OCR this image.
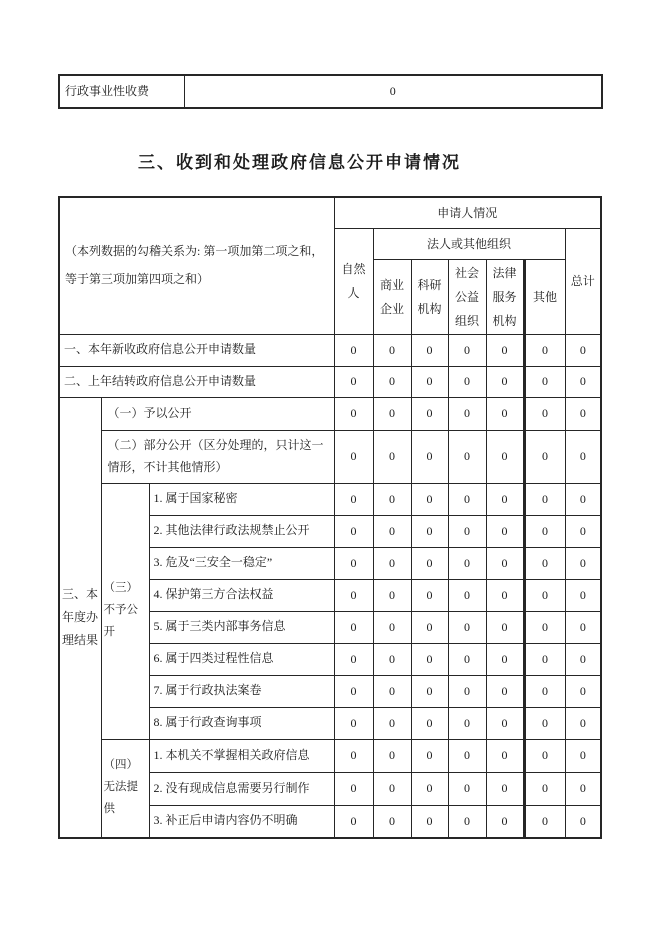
行政事业性收费	0
三、收到和处理政府信息公开申请情况
（本列数据的勾稽关系为: 第一项加第二项之和，等于第三项加第四项之和）			申请人情况						
			自然人	法人或其他组织					总计
				商业企业	科研机构	社会公益组织	法律服务机构	其他	
一、本年新收政府信息公开申请数量			0	0	0	0	0	0	0
二、上年结转政府信息公开申请数量			0	0	0	0	0	0	0
三、本年度办理结果	（一）予以公开		0	0	0	0	0	0	0
	（二）部分公开（区分处理的，只计这一情形，不计其他情形）		0	0	0	0	0	0	0
	（三）不予公开	1. 属于国家秘密	0	0	0	0	0	0	0
		2. 其他法律行政法规禁止公开	0	0	0	0	0	0	0
		3. 危及“三安全一稳定”	0	0	0	0	0	0	0
		4. 保护第三方合法权益	0	0	0	0	0	0	0
		5. 属于三类内部事务信息	0	0	0	0	0	0	0
		6. 属于四类过程性信息	0	0	0	0	0	0	0
		7. 属于行政执法案卷	0	0	0	0	0	0	0
		8. 属于行政查询事项	0	0	0	0	0	0	0
	（四）无法提供	1. 本机关不掌握相关政府信息	0	0	0	0	0	0	0
		2. 没有现成信息需要另行制作	0	0	0	0	0	0	0
		3. 补正后申请内容仍不明确	0	0	0	0	0	0	0
